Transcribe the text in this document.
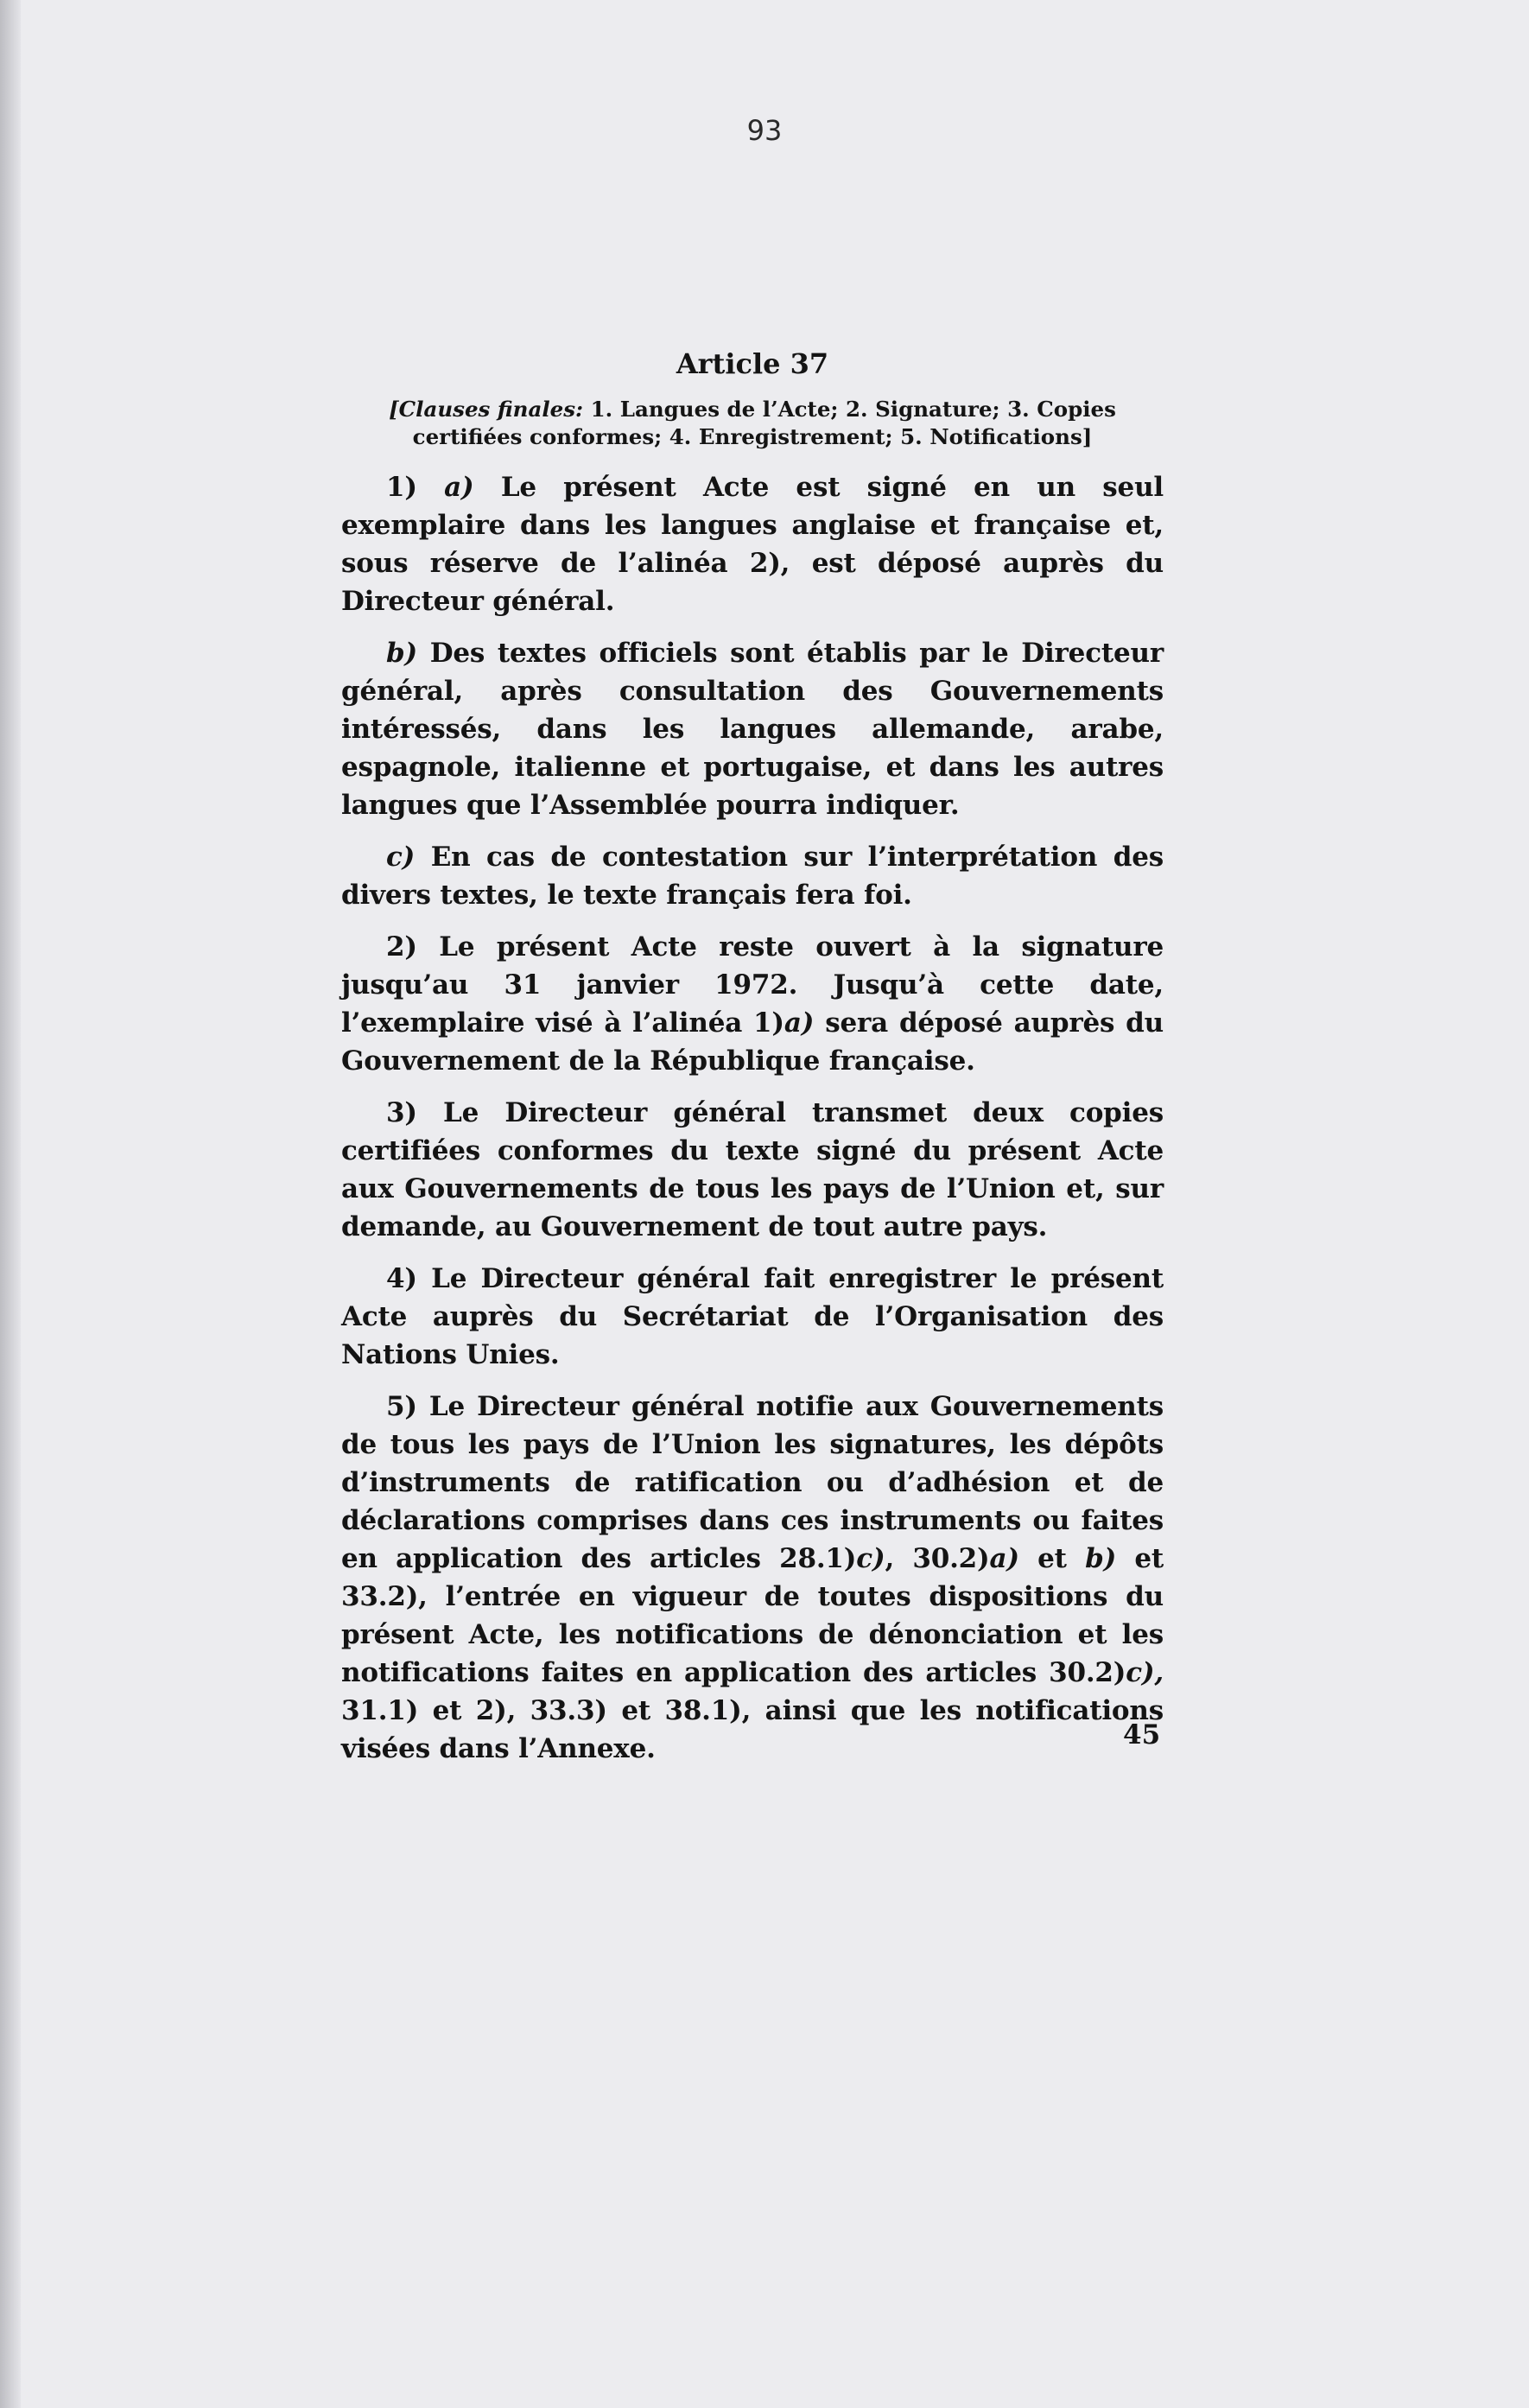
93
Article 37
[Clauses finales: 1. Langues de l’Acte; 2. Signature; 3. Copies certifiées conformes; 4. Enregistrement; 5. Notifications]

1) a) Le présent Acte est signé en un seul exemplaire dans les langues anglaise et française et, sous réserve de l’alinéa 2), est déposé auprès du Directeur général.

b) Des textes officiels sont établis par le Directeur général, après consultation des Gouvernements intéressés, dans les langues allemande, arabe, espagnole, italienne et portugaise, et dans les autres langues que l’Assemblée pourra indiquer.

c) En cas de contestation sur l’interprétation des divers textes, le texte français fera foi.

2) Le présent Acte reste ouvert à la signature jusqu’au 31 janvier 1972. Jusqu’à cette date, l’exemplaire visé à l’alinéa 1)a) sera déposé auprès du Gouvernement de la République française.

3) Le Directeur général transmet deux copies certifiées conformes du texte signé du présent Acte aux Gouvernements de tous les pays de l’Union et, sur demande, au Gouvernement de tout autre pays.

4) Le Directeur général fait enregistrer le présent Acte auprès du Secrétariat de l’Organisation des Nations Unies.

5) Le Directeur général notifie aux Gouvernements de tous les pays de l’Union les signatures, les dépôts d’instruments de ratification ou d’adhésion et de déclarations comprises dans ces instruments ou faites en application des articles 28.1)c), 30.2)a) et b) et 33.2), l’entrée en vigueur de toutes dispositions du présent Acte, les notifications de dénonciation et les notifications faites en application des articles 30.2)c), 31.1) et 2), 33.3) et 38.1), ainsi que les notifications visées dans l’Annexe.	45
